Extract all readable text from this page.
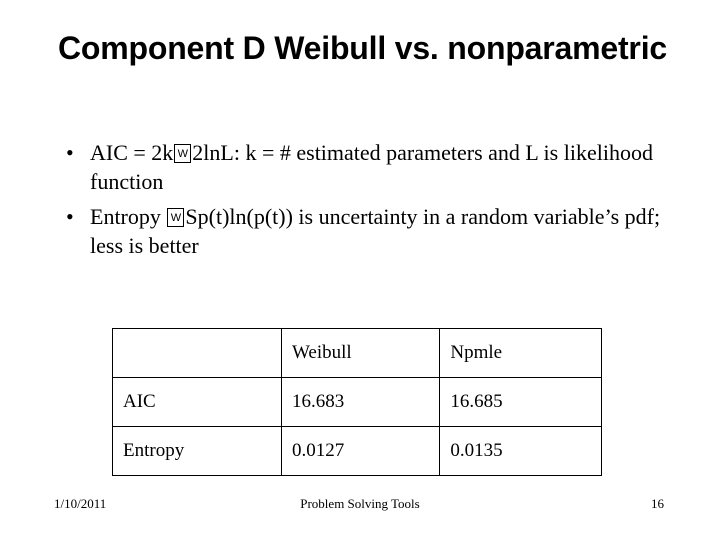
Component D Weibull vs. nonparametric
• AIC = 2k W 2lnL: k = # estimated parameters and L is likelihood function
• Entropy W Sp(t)ln(p(t)) is uncertainty in a random variable’s pdf; less is better
	Weibull	Npmle
AIC	16.683	16.685
Entropy	0.0127	0.0135
1/10/2011	Problem Solving Tools	16
